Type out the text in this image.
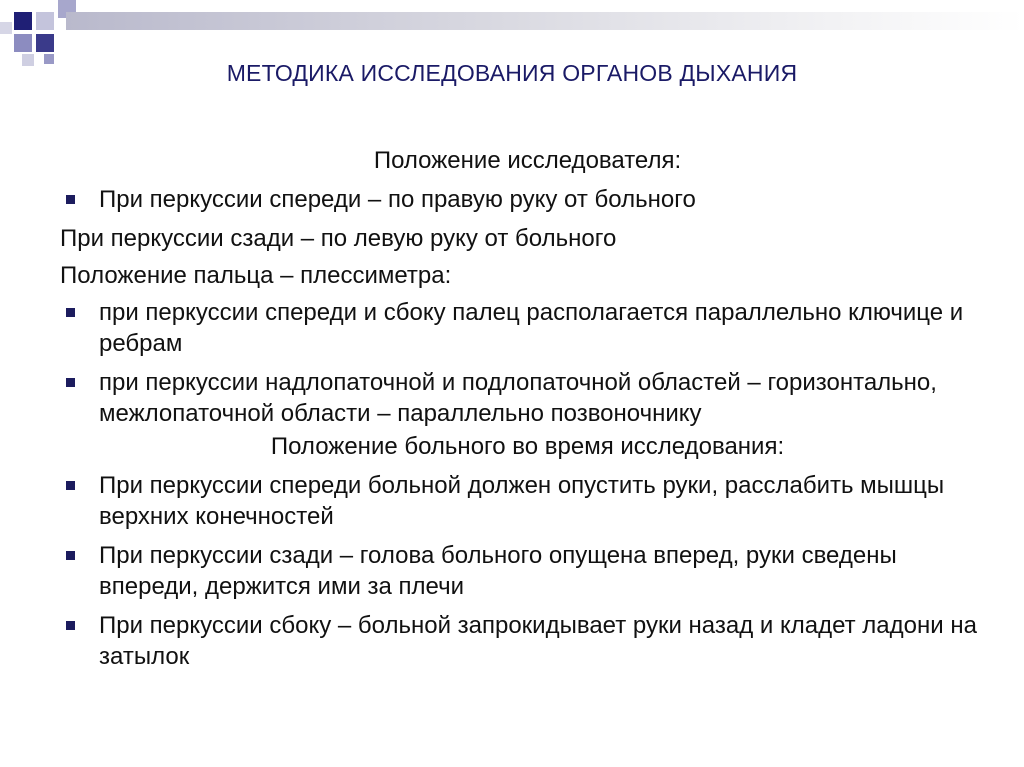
МЕТОДИКА ИССЛЕДОВАНИЯ ОРГАНОВ ДЫХАНИЯ
Положение исследователя:
При перкуссии спереди – по правую руку от больного
При перкуссии сзади – по левую руку от больного
Положение пальца – плессиметра:
при перкуссии спереди и сбоку палец располагается параллельно ключице и ребрам
при перкуссии надлопаточной и подлопаточной областей – горизонтально, межлопаточной области – параллельно позвоночнику
Положение больного во время исследования:
При перкуссии спереди больной должен опустить руки, расслабить мышцы верхних конечностей
При перкуссии сзади – голова больного опущена вперед, руки сведены впереди, держится ими за плечи
При перкуссии сбоку – больной запрокидывает руки назад и кладет ладони на затылок
